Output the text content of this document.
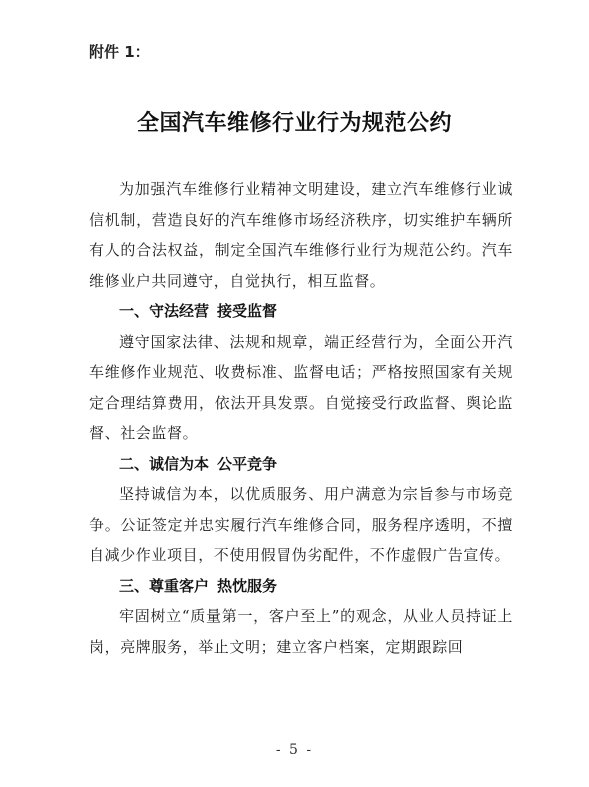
附件 1：
全国汽车维修行业行为规范公约

为加强汽车维修行业精神文明建设，建立汽车维修行业诚信机制，营造良好的汽车维修市场经济秩序，切实维护车辆所有人的合法权益，制定全国汽车维修行业行为规范公约。汽车维修业户共同遵守，自觉执行，相互监督。

一、守法经营 接受监督

遵守国家法律、法规和规章，端正经营行为，全面公开汽车维修作业规范、收费标准、监督电话；严格按照国家有关规定合理结算费用，依法开具发票。自觉接受行政监督、舆论监督、社会监督。

二、诚信为本 公平竞争

坚持诚信为本，以优质服务、用户满意为宗旨参与市场竞争。公证签定并忠实履行汽车维修合同，服务程序透明，不擅自减少作业项目，不使用假冒伪劣配件，不作虚假广告宣传。

三、尊重客户 热忱服务

牢固树立“质量第一，客户至上”的观念，从业人员持证上岗，亮牌服务，举止文明；建立客户档案，定期跟踪回

- 5 -
